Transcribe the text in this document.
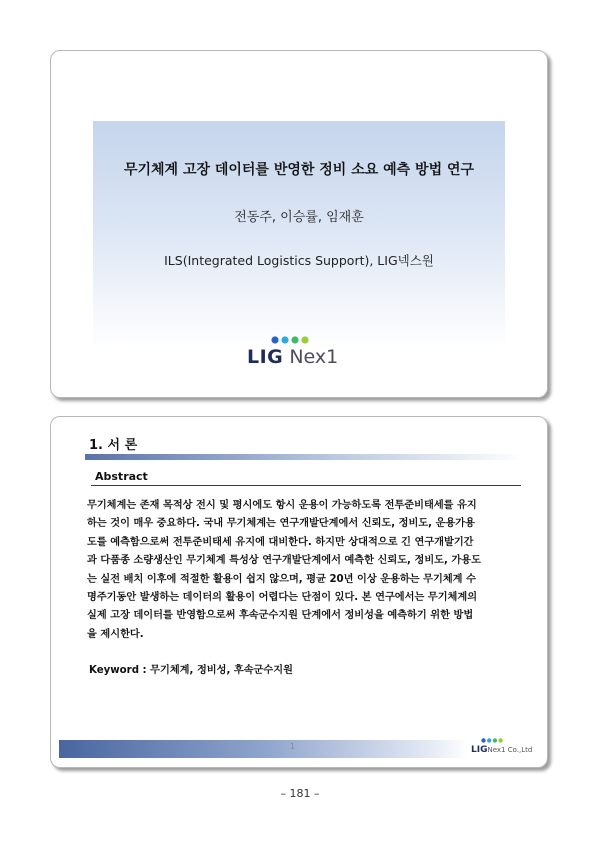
무기체계 고장 데이터를 반영한 정비 소요 예측 방법 연구
전동주, 이승률, 임재훈
ILS(Integrated Logistics Support), LIG넥스원
LIG Nex1
1. 서 론
Abstract
무기체계는 존재 목적상 전시 및 평시에도 항시 운용이 가능하도록 전투준비태세를 유지
하는 것이 매우 중요하다. 국내 무기체계는 연구개발단계에서 신뢰도, 정비도, 운용가용
도를 예측함으로써 전투준비태세 유지에 대비한다. 하지만 상대적으로 긴 연구개발기간
과 다품종 소량생산인 무기체계 특성상 연구개발단계에서 예측한 신뢰도, 정비도, 가용도
는 실전 배치 이후에 적절한 활용이 쉽지 않으며, 평균 20년 이상 운용하는 무기체계 수
명주기동안 발생하는 데이터의 활용이 어렵다는 단점이 있다. 본 연구에서는 무기체계의
실제 고장 데이터를 반영함으로써 후속군수지원 단계에서 정비성을 예측하기 위한 방법
을 제시한다.
Keyword : 무기체계, 정비성, 후속군수지원
1	LIGNex1 Co.,Ltd
– 181 –
